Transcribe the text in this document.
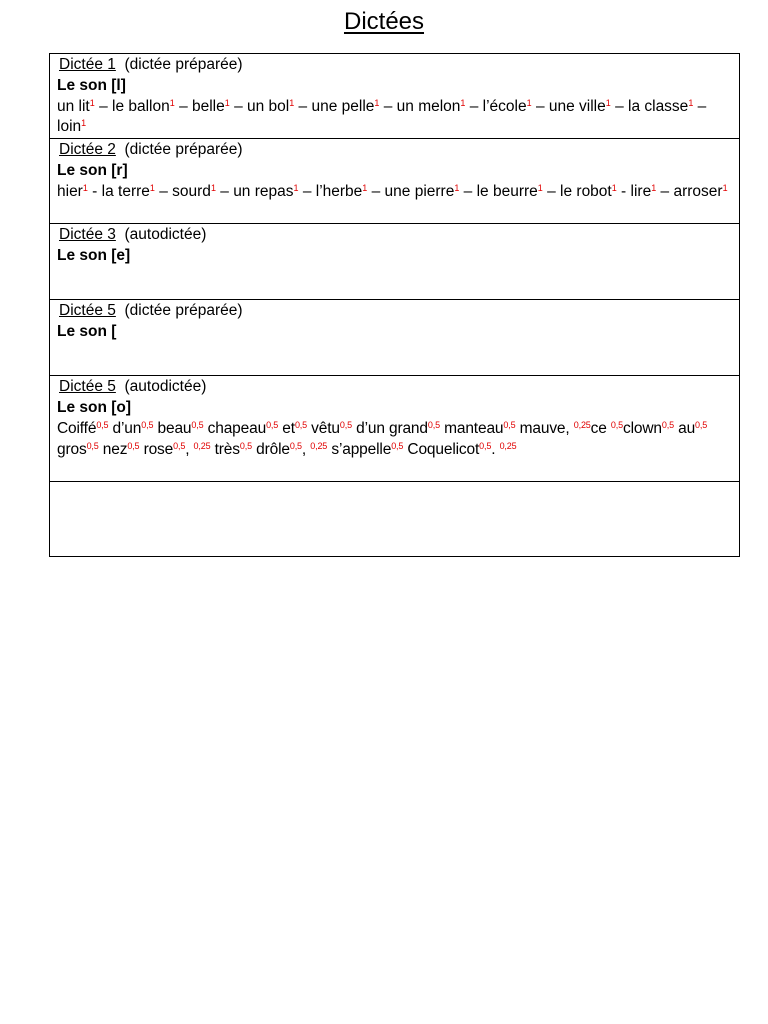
Dictées
Dictée 1 (dictée préparée)
Le son [l]
un lit$^1$ – le ballon$^1$ – belle$^1$ – un bol$^1$ – une pelle$^1$ – un melon$^1$ – l’école$^1$ – une ville$^1$ – la classe$^1$ – loin$^1$

Dictée 2 (dictée préparée)
Le son [r]
hier$^1$ - la terre$^1$ – sourd$^1$ – un repas$^1$ – l’herbe$^1$ – une pierre$^1$ – le beurre$^1$ – le robot$^1$ - lire$^1$ – arroser$^1$

Dictée 3 (autodictée)
Le son [e]

Dictée 5 (dictée préparée)
Le son [

Dictée 5 (autodictée)
Le son [o]
Coiffé$^{0,5}$ d’un$^{0,5}$ beau$^{0,5}$ chapeau$^{0,5}$ et$^{0,5}$ vêtu$^{0,5}$ d’un grand$^{0,5}$ manteau$^{0,5}$ mauve, $^{0,25}$ce $^{0,5}$clown$^{0,5}$ au$^{0,5}$ gros$^{0,5}$ nez$^{0,5}$ rose$^{0,5}$, $^{0,25}$ très$^{0,5}$ drôle$^{0,5}$, $^{0,25}$ s’appelle$^{0,5}$ Coquelicot$^{0,5}$. $^{0,25}$
